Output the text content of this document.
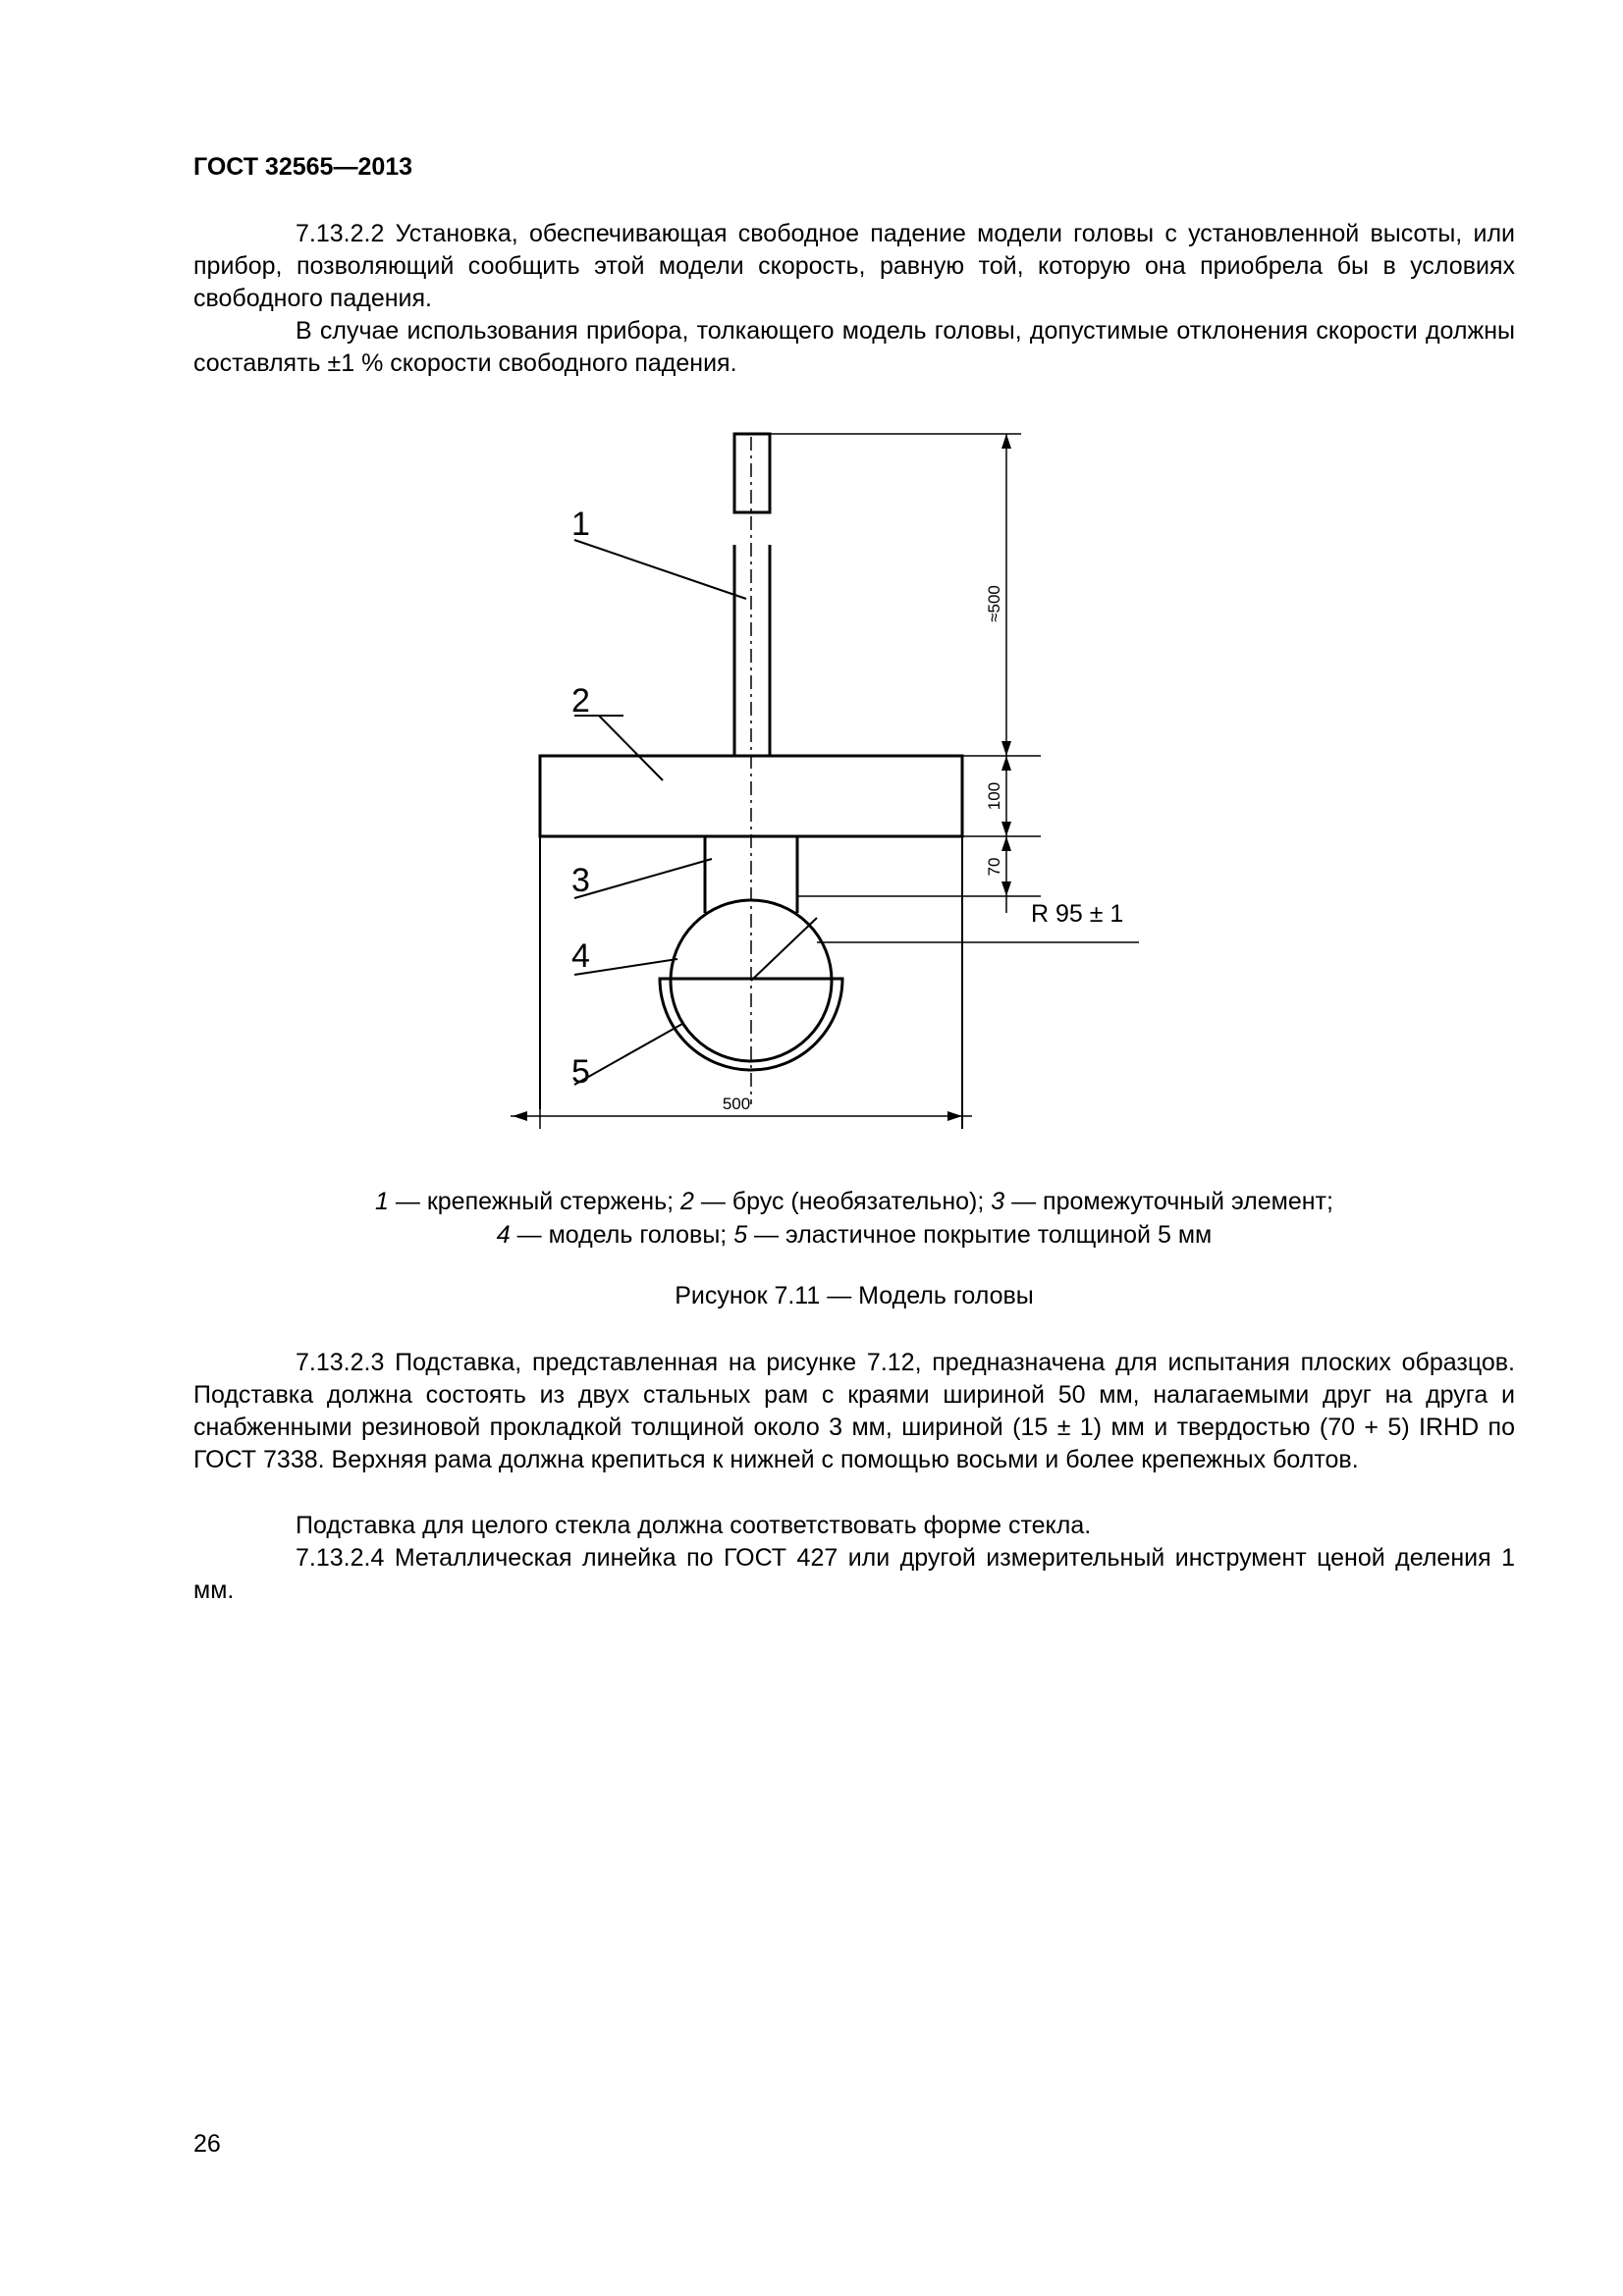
ГОСТ 32565—2013

7.13.2.2 Установка, обеспечивающая свободное падение модели головы с установленной высоты, или прибор, позволяющий сообщить этой модели скорость, равную той, которую она приобрела бы в условиях свободного падения.

В случае использования прибора, толкающего модель головы, допустимые отклонения скорости должны составлять ±1 % скорости свободного падения.

1
2
3
4
5
≈500
100
70
500
R 95 ± 1
1 — крепежный стержень; 2 — брус (необязательно); 3 — промежуточный элемент;
4 — модель головы; 5 — эластичное покрытие толщиной 5 мм
Рисунок 7.11 — Модель головы

7.13.2.3 Подставка, представленная на рисунке 7.12, предназначена для испытания плоских образцов. Подставка должна состоять из двух стальных рам с краями шириной 50 мм, налагаемыми друг на друга и снабженными резиновой прокладкой толщиной около 3 мм, шириной (15 ± 1) мм и твердостью (70 + 5) IRHD по ГОСТ 7338. Верхняя рама должна крепиться к нижней с помощью восьми и более крепежных болтов.

Подставка для целого стекла должна соответствовать форме стекла.

7.13.2.4 Металлическая линейка по ГОСТ 427 или другой измерительный инструмент ценой деления 1 мм.

26
